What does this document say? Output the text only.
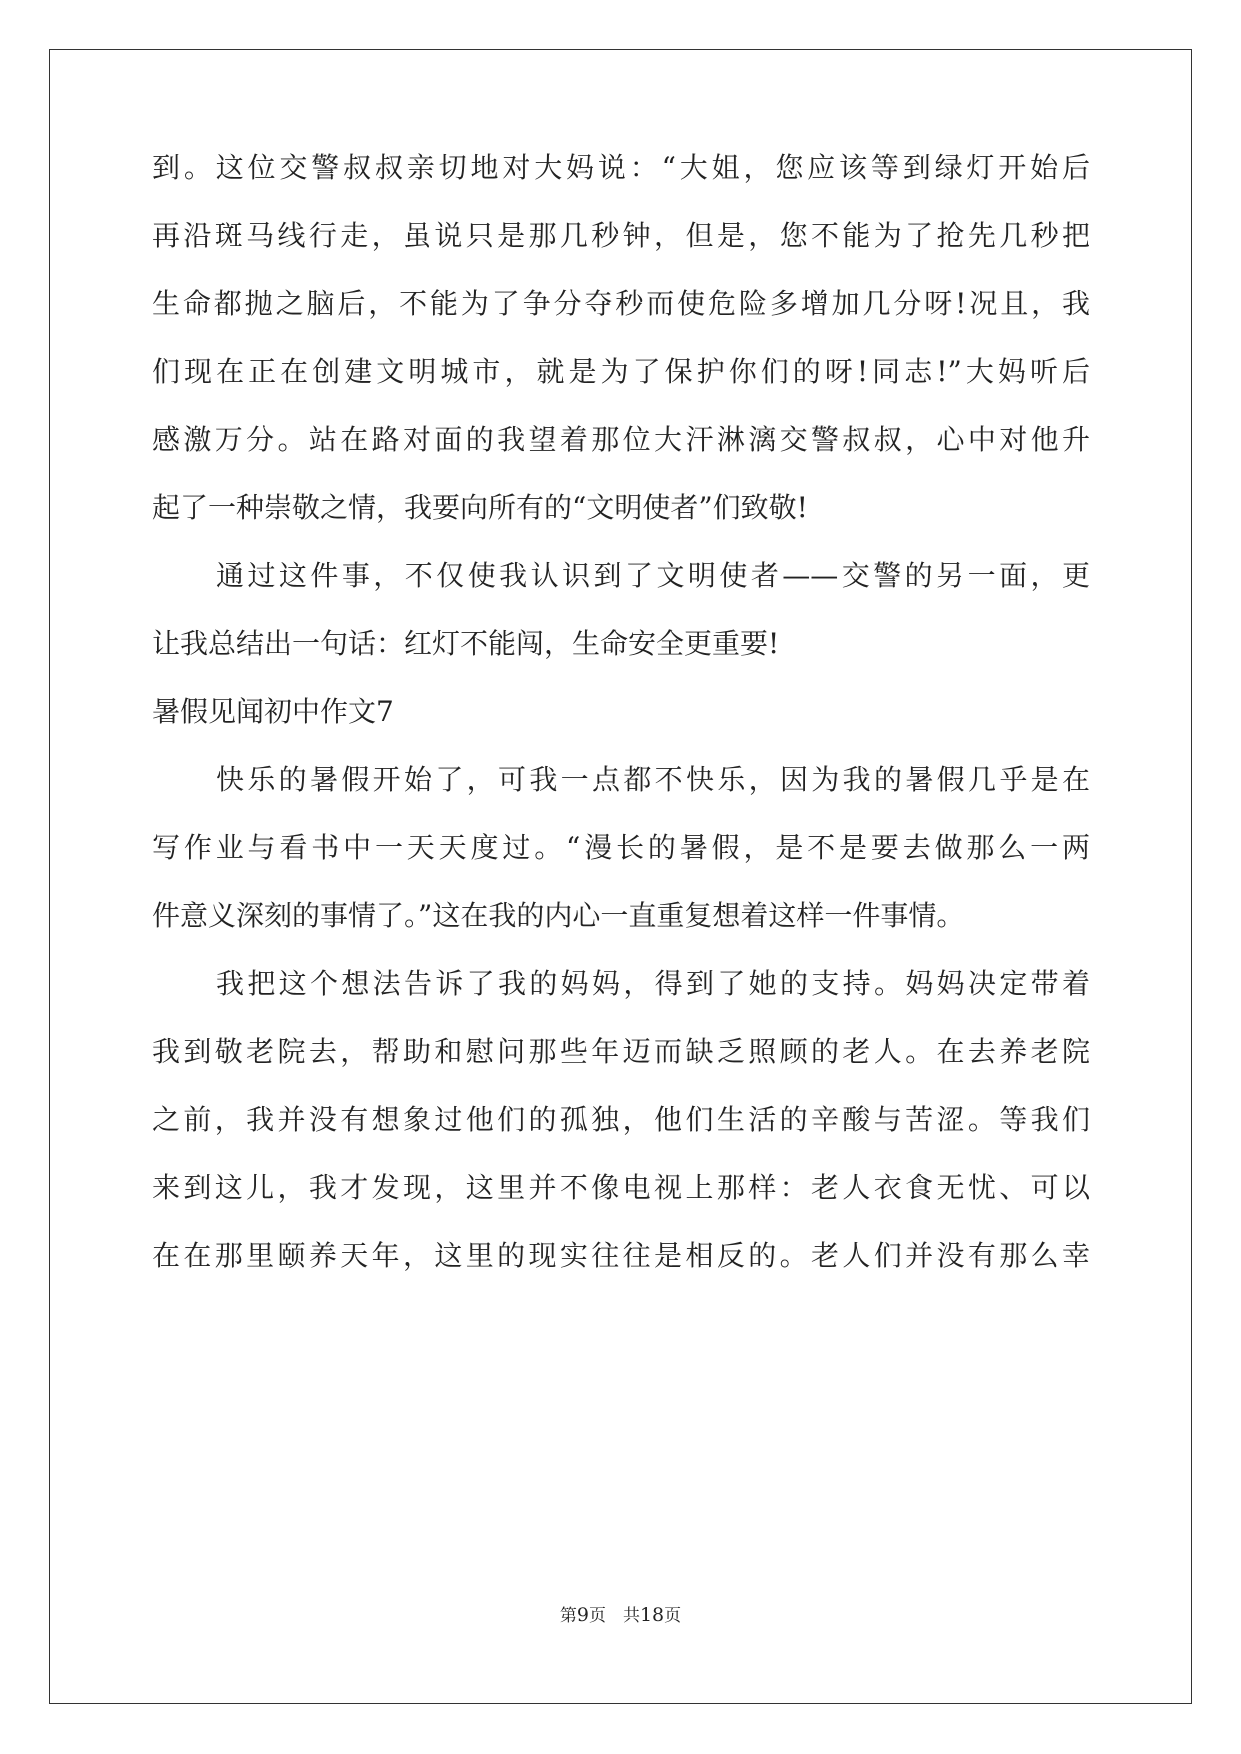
到。这位交警叔叔亲切地对大妈说：“大姐，您应该等到绿灯开始后
再沿斑马线行走，虽说只是那几秒钟，但是，您不能为了抢先几秒把
生命都抛之脑后，不能为了争分夺秒而使危险多增加几分呀!况且，我
们现在正在创建文明城市，就是为了保护你们的呀!同志!”大妈听后
感激万分。站在路对面的我望着那位大汗淋漓交警叔叔，心中对他升
起了一种崇敬之情，我要向所有的“文明使者”们致敬!
通过这件事，不仅使我认识到了文明使者——交警的另一面，更
让我总结出一句话：红灯不能闯，生命安全更重要!
暑假见闻初中作文7
快乐的暑假开始了，可我一点都不快乐，因为我的暑假几乎是在
写作业与看书中一天天度过。“漫长的暑假，是不是要去做那么一两
件意义深刻的事情了。”这在我的内心一直重复想着这样一件事情。
我把这个想法告诉了我的妈妈，得到了她的支持。妈妈决定带着
我到敬老院去，帮助和慰问那些年迈而缺乏照顾的老人。在去养老院
之前，我并没有想象过他们的孤独，他们生活的辛酸与苦涩。等我们
来到这儿，我才发现，这里并不像电视上那样：老人衣食无忧、可以
在在那里颐养天年，这里的现实往往是相反的。老人们并没有那么幸
第9页　共18页
